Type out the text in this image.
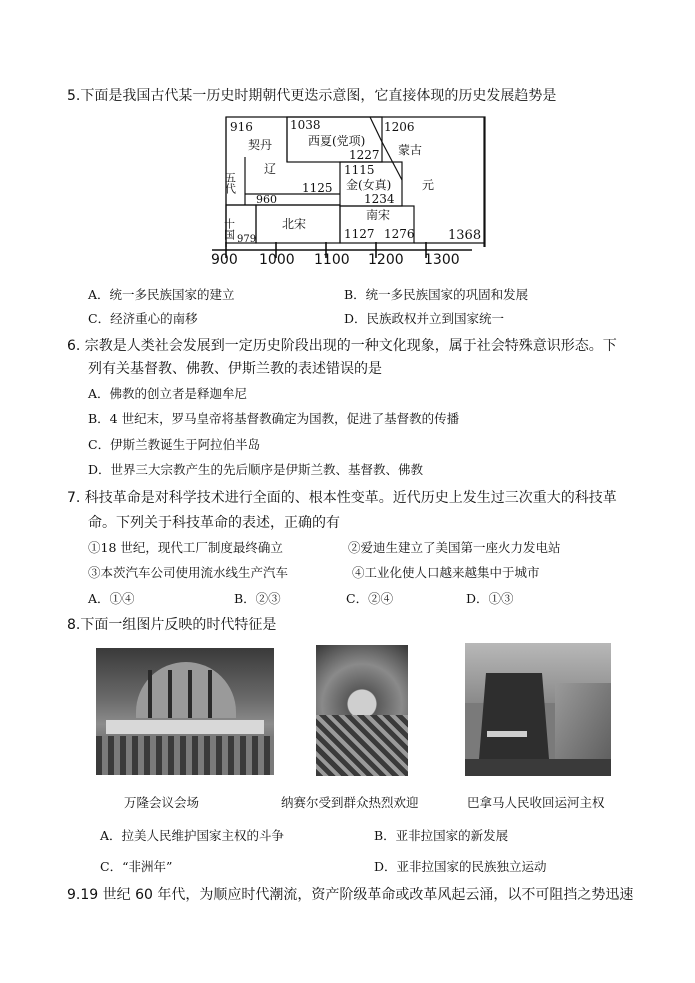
5.下面是我国古代某一历史时期朝代更迭示意图，它直接体现的历史发展趋势是
916
契丹
1038
西夏(党项)
1227
1206
蒙古
五代
辽	1115
金(女真)
1234
元
1125
960
十国 979
北宋
南宋
1127 1276	1368
900 1000 1100 1200 1300
A．统一多民族国家的建立	B．统一多民族国家的巩固和发展
C．经济重心的南移	D．民族政权并立到国家统一
6. 宗教是人类社会发展到一定历史阶段出现的一种文化现象，属于社会特殊意识形态。下
列有关基督教、佛教、伊斯兰教的表述错误的是
A．佛教的创立者是释迦牟尼
B．4 世纪末，罗马皇帝将基督教确定为国教，促进了基督教的传播
C．伊斯兰教诞生于阿拉伯半岛
D．世界三大宗教产生的先后顺序是伊斯兰教、基督教、佛教
7. 科技革命是对科学技术进行全面的、根本性变革。近代历史上发生过三次重大的科技革
命。下列关于科技革命的表述，正确的有
①18 世纪，现代工厂制度最终确立	②爱迪生建立了美国第一座火力发电站
③本茨汽车公司使用流水线生产汽车	④工业化使人口越来越集中于城市
A．①④	B．②③	C．②④	D．①③
8.下面一组图片反映的时代特征是
万隆会议会场	纳赛尔受到群众热烈欢迎	巴拿马人民收回运河主权
A．拉美人民维护国家主权的斗争	B．亚非拉国家的新发展
C．“非洲年”	D．亚非拉国家的民族独立运动
9.19 世纪 60 年代，为顺应时代潮流，资产阶级革命或改革风起云涌，以不可阻挡之势迅速
